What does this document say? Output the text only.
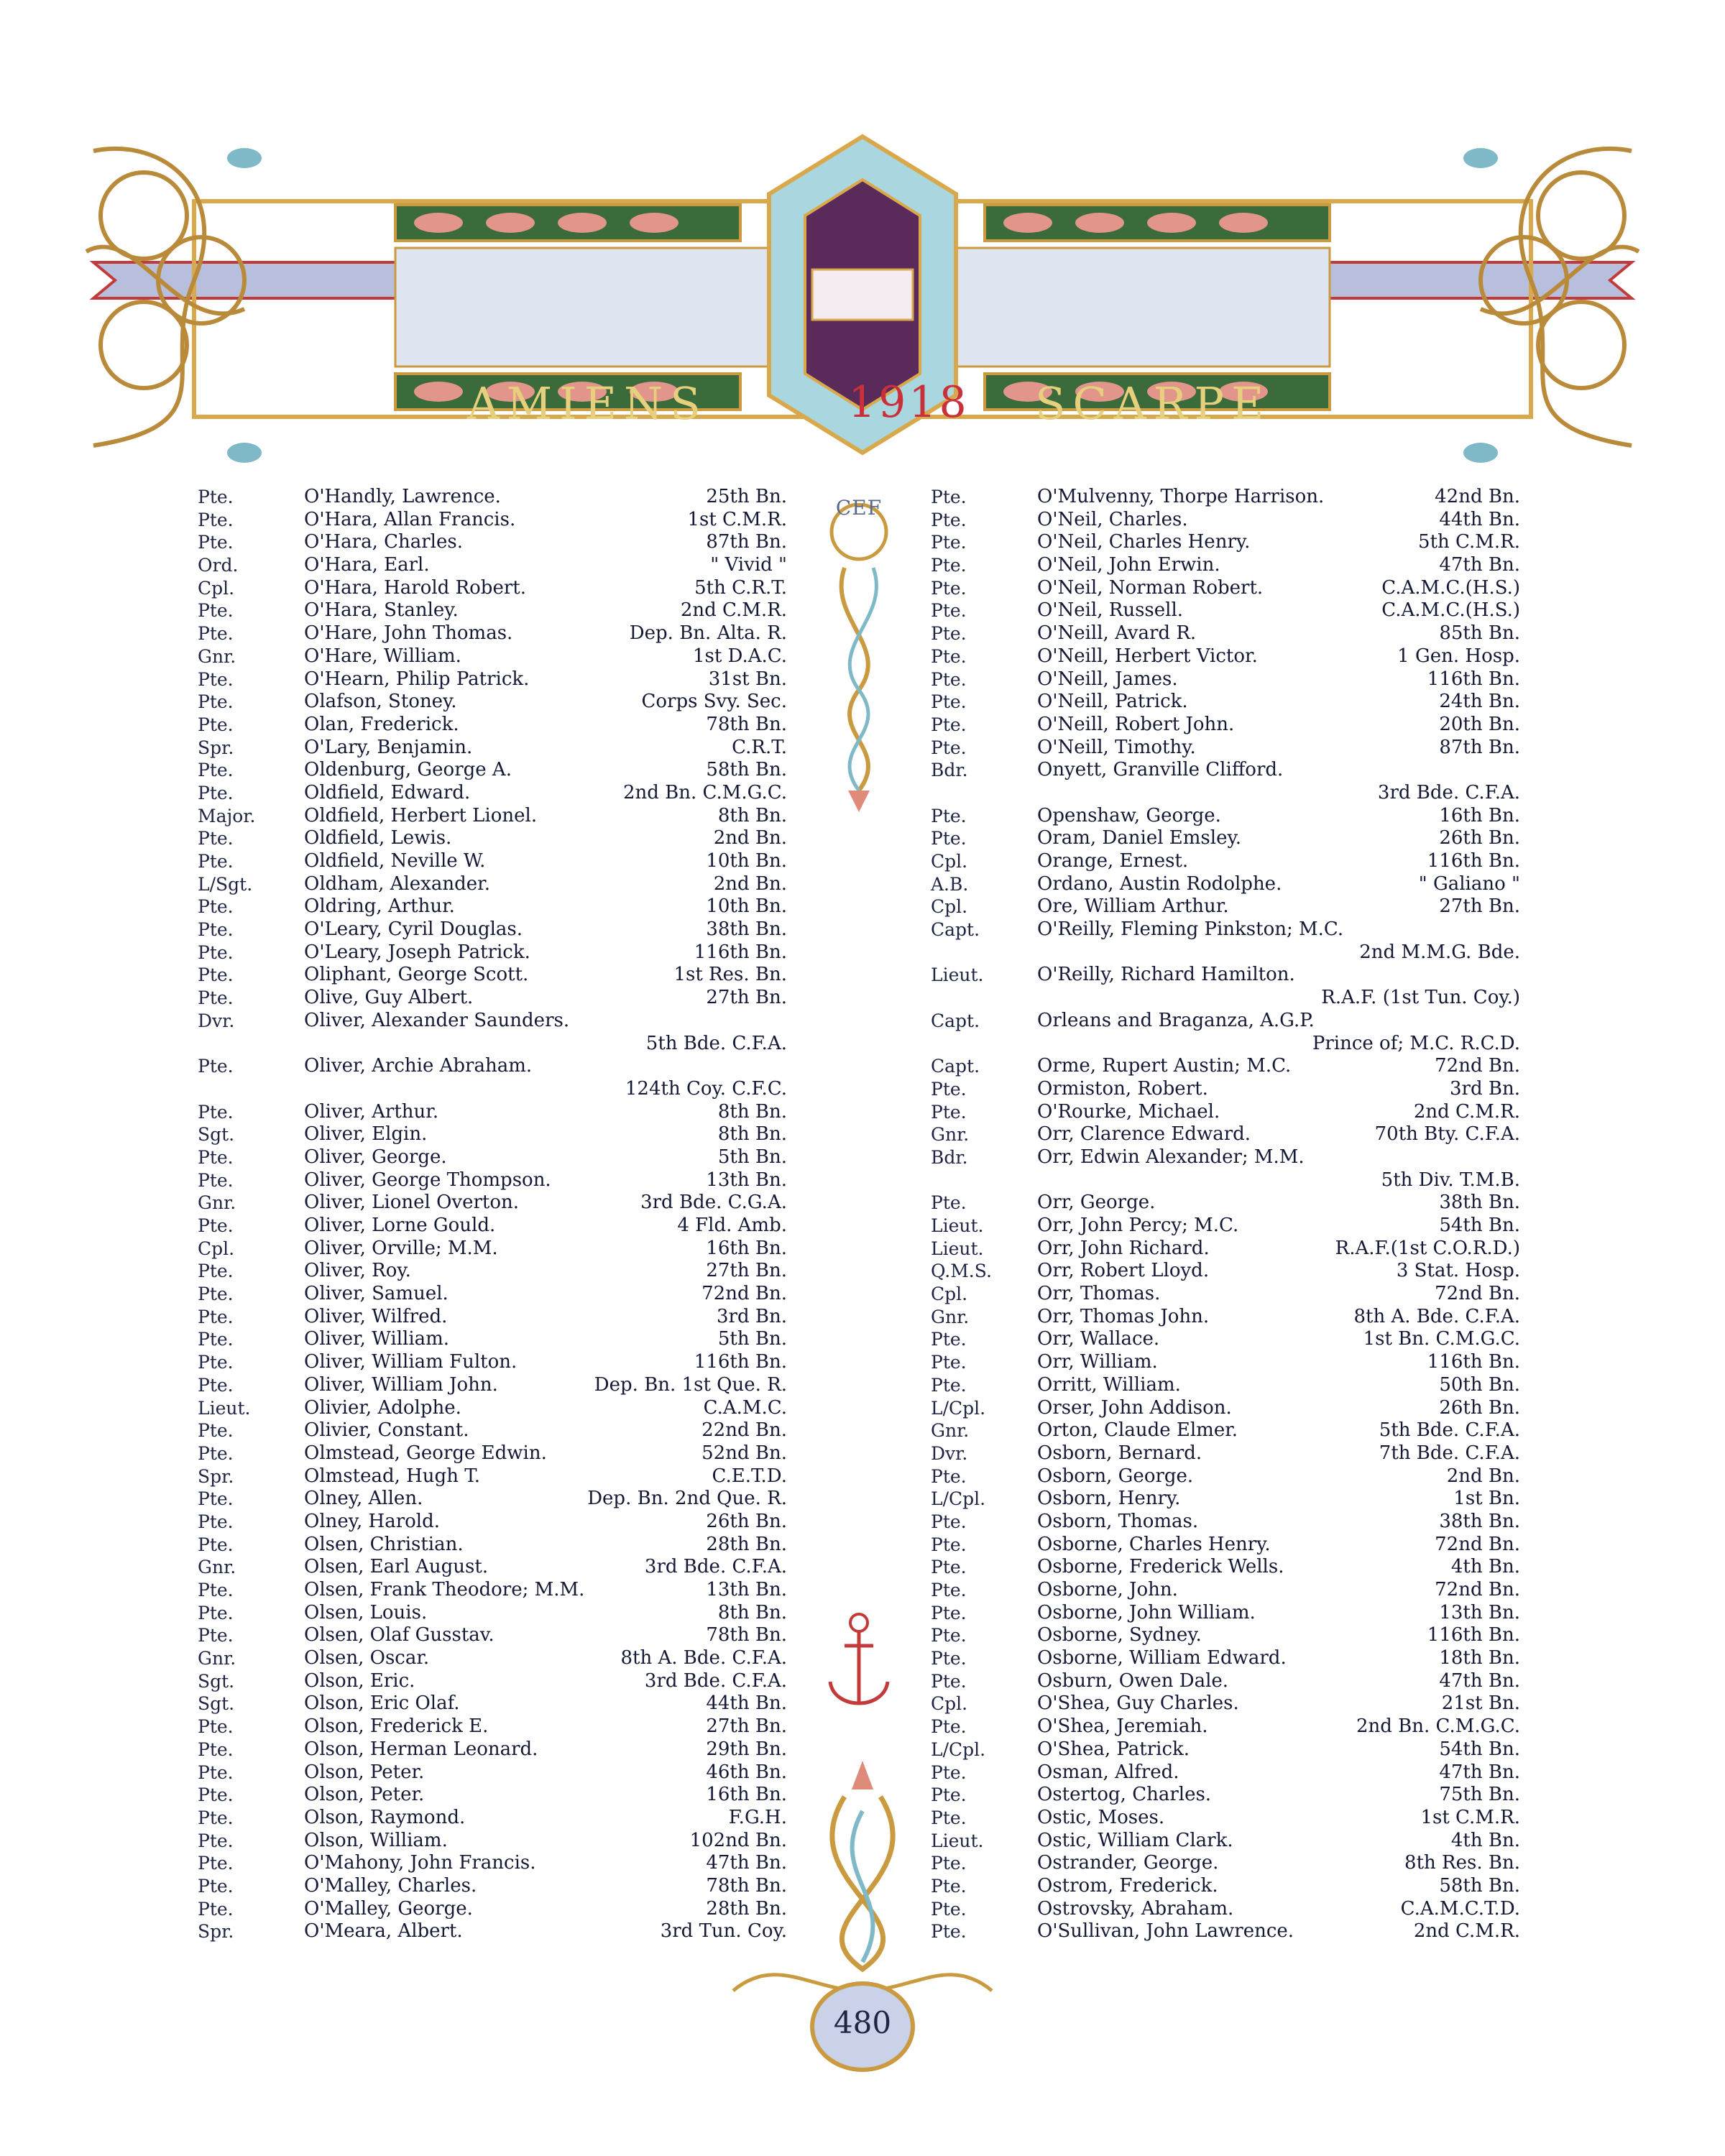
AMIENS	1918 SCARPE
CEF
Pte.	O'Handly, Lawrence.	25th Bn.
Pte.	O'Hara, Allan Francis.	1st C.M.R.
Pte.	O'Hara, Charles.	87th Bn.
Ord.	O'Hara, Earl.	" Vivid "
Cpl.	O'Hara, Harold Robert.	5th C.R.T.
Pte.	O'Hara, Stanley.	2nd C.M.R.
Pte.	O'Hare, John Thomas.	Dep. Bn. Alta. R.
Gnr.	O'Hare, William.	1st D.A.C.
Pte.	O'Hearn, Philip Patrick.	31st Bn.
Pte.	Olafson, Stoney.	Corps Svy. Sec.
Pte.	Olan, Frederick.	78th Bn.
Spr.	O'Lary, Benjamin.	C.R.T.
Pte.	Oldenburg, George A.	58th Bn.
Pte.	Oldfield, Edward.	2nd Bn. C.M.G.C.
Major.	Oldfield, Herbert Lionel.	8th Bn.
Pte.	Oldfield, Lewis.	2nd Bn.
Pte.	Oldfield, Neville W.	10th Bn.
L/Sgt.	Oldham, Alexander.	2nd Bn.
Pte.	Oldring, Arthur.	10th Bn.
Pte.	O'Leary, Cyril Douglas.	38th Bn.
Pte.	O'Leary, Joseph Patrick.	116th Bn.
Pte.	Oliphant, George Scott.	1st Res. Bn.
Pte.	Olive, Guy Albert.	27th Bn.
Dvr.	Oliver, Alexander Saunders.
5th Bde. C.F.A.
Pte.	Oliver, Archie Abraham.
124th Coy. C.F.C.
Pte.	Oliver, Arthur.	8th Bn.
Sgt.	Oliver, Elgin.	8th Bn.
Pte.	Oliver, George.	5th Bn.
Pte.	Oliver, George Thompson.	13th Bn.
Gnr.	Oliver, Lionel Overton.	3rd Bde. C.G.A.
Pte.	Oliver, Lorne Gould.	4 Fld. Amb.
Cpl.	Oliver, Orville; M.M.	16th Bn.
Pte.	Oliver, Roy.	27th Bn.
Pte.	Oliver, Samuel.	72nd Bn.
Pte.	Oliver, Wilfred.	3rd Bn.
Pte.	Oliver, William.	5th Bn.
Pte.	Oliver, William Fulton.	116th Bn.
Pte.	Oliver, William John.	Dep. Bn. 1st Que. R.
Lieut.	Olivier, Adolphe.	C.A.M.C.
Pte.	Olivier, Constant.	22nd Bn.
Pte.	Olmstead, George Edwin.	52nd Bn.
Spr.	Olmstead, Hugh T.	C.E.T.D.
Pte.	Olney, Allen.	Dep. Bn. 2nd Que. R.
Pte.	Olney, Harold.	26th Bn.
Pte.	Olsen, Christian.	28th Bn.
Gnr.	Olsen, Earl August.	3rd Bde. C.F.A.
Pte.	Olsen, Frank Theodore; M.M.	13th Bn.
Pte.	Olsen, Louis.	8th Bn.
Pte.	Olsen, Olaf Gusstav.	78th Bn.
Gnr.	Olsen, Oscar.	8th A. Bde. C.F.A.
Sgt.	Olson, Eric.	3rd Bde. C.F.A.
Sgt.	Olson, Eric Olaf.	44th Bn.
Pte.	Olson, Frederick E.	27th Bn.
Pte.	Olson, Herman Leonard.	29th Bn.
Pte.	Olson, Peter.	46th Bn.
Pte.	Olson, Peter.	16th Bn.
Pte.	Olson, Raymond.	F.G.H.
Pte.	Olson, William.	102nd Bn.
Pte.	O'Mahony, John Francis.	47th Bn.
Pte.	O'Malley, Charles.	78th Bn.
Pte.	O'Malley, George.	28th Bn.
Spr.	O'Meara, Albert.	3rd Tun. Coy.
Pte.	O'Mulvenny, Thorpe Harrison.	42nd Bn.
Pte.	O'Neil, Charles.	44th Bn.
Pte.	O'Neil, Charles Henry.	5th C.M.R.
Pte.	O'Neil, John Erwin.	47th Bn.
Pte.	O'Neil, Norman Robert.	C.A.M.C.(H.S.)
Pte.	O'Neil, Russell.	C.A.M.C.(H.S.)
Pte.	O'Neill, Avard R.	85th Bn.
Pte.	O'Neill, Herbert Victor.	1 Gen. Hosp.
Pte.	O'Neill, James.	116th Bn.
Pte.	O'Neill, Patrick.	24th Bn.
Pte.	O'Neill, Robert John.	20th Bn.
Pte.	O'Neill, Timothy.	87th Bn.
Bdr.	Onyett, Granville Clifford.
3rd Bde. C.F.A.
Pte.	Openshaw, George.	16th Bn.
Pte.	Oram, Daniel Emsley.	26th Bn.
Cpl.	Orange, Ernest.	116th Bn.
A.B.	Ordano, Austin Rodolphe.	" Galiano "
Cpl.	Ore, William Arthur.	27th Bn.
Capt.	O'Reilly, Fleming Pinkston; M.C.
2nd M.M.G. Bde.
Lieut.	O'Reilly, Richard Hamilton.
R.A.F. (1st Tun. Coy.)
Capt.	Orleans and Braganza, A.G.P.
Prince of; M.C. R.C.D.
Capt.	Orme, Rupert Austin; M.C.	72nd Bn.
Pte.	Ormiston, Robert.	3rd Bn.
Pte.	O'Rourke, Michael.	2nd C.M.R.
Gnr.	Orr, Clarence Edward.	70th Bty. C.F.A.
Bdr.	Orr, Edwin Alexander; M.M.
5th Div. T.M.B.
Pte.	Orr, George.	38th Bn.
Lieut.	Orr, John Percy; M.C.	54th Bn.
Lieut.	Orr, John Richard.	R.A.F.(1st C.O.R.D.)
Q.M.S.	Orr, Robert Lloyd.	3 Stat. Hosp.
Cpl.	Orr, Thomas.	72nd Bn.
Gnr.	Orr, Thomas John.	8th A. Bde. C.F.A.
Pte.	Orr, Wallace.	1st Bn. C.M.G.C.
Pte.	Orr, William.	116th Bn.
Pte.	Orritt, William.	50th Bn.
L/Cpl.	Orser, John Addison.	26th Bn.
Gnr.	Orton, Claude Elmer.	5th Bde. C.F.A.
Dvr.	Osborn, Bernard.	7th Bde. C.F.A.
Pte.	Osborn, George.	2nd Bn.
L/Cpl.	Osborn, Henry.	1st Bn.
Pte.	Osborn, Thomas.	38th Bn.
Pte.	Osborne, Charles Henry.	72nd Bn.
Pte.	Osborne, Frederick Wells.	4th Bn.
Pte.	Osborne, John.	72nd Bn.
Pte.	Osborne, John William.	13th Bn.
Pte.	Osborne, Sydney.	116th Bn.
Pte.	Osborne, William Edward.	18th Bn.
Pte.	Osburn, Owen Dale.	47th Bn.
Cpl.	O'Shea, Guy Charles.	21st Bn.
Pte.	O'Shea, Jeremiah.	2nd Bn. C.M.G.C.
L/Cpl.	O'Shea, Patrick.	54th Bn.
Pte.	Osman, Alfred.	47th Bn.
Pte.	Ostertog, Charles.	75th Bn.
Pte.	Ostic, Moses.	1st C.M.R.
Lieut.	Ostic, William Clark.	4th Bn.
Pte.	Ostrander, George.	8th Res. Bn.
Pte.	Ostrom, Frederick.	58th Bn.
Pte.	Ostrovsky, Abraham.	C.A.M.C.T.D.
Pte.	O'Sullivan, John Lawrence.	2nd C.M.R.
480
